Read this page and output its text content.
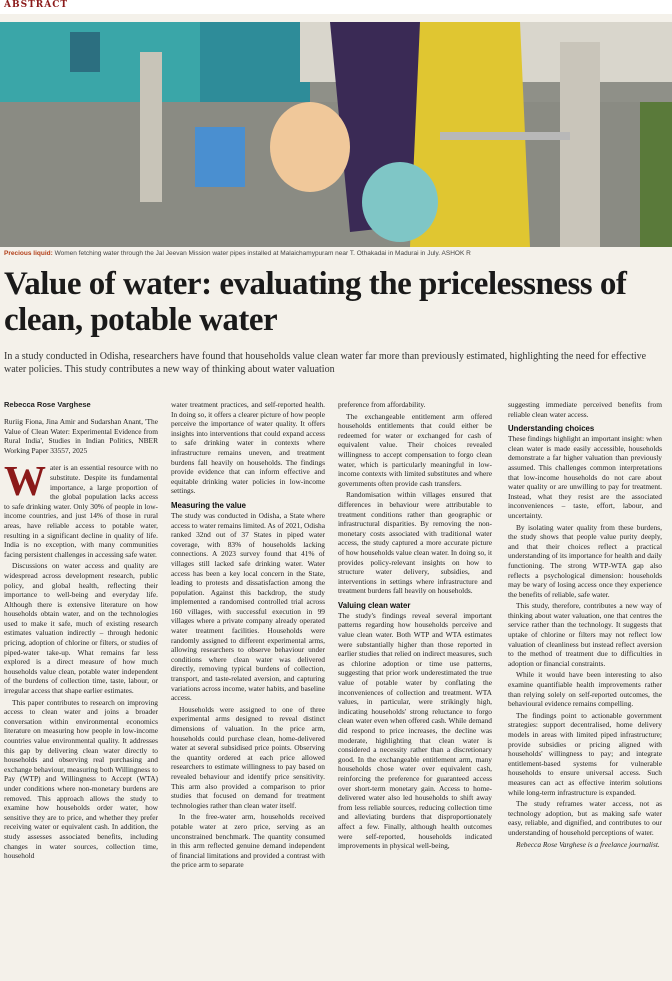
ABSTRACT
Precious liquid: Women fetching water through the Jal Jeevan Mission water pipes installed at Malaichamypuram near T. Othakadai in Madurai in July. ASHOK R
Value of water: evaluating the pricelessness of clean, potable water
In a study conducted in Odisha, researchers have found that households value clean water far more than previously estimated, highlighting the need for effective water policies. This study contributes a new way of thinking about water valuation

Rebecca Rose Varghese

Ruriig Fiona, Jina Amir and Sudarshan Anant, 'The Value of Clean Water: Experimental Evidence from Rural India', Studies in Indian Politics, NBER Working Paper 33557, 2025

Water is an essential resource with no substitute. Despite its fundamental importance, a large proportion of the global population lacks access to safe drinking water. Only 30% of people in low-income countries, and just 14% of those in rural areas, have reliable access to potable water, resulting in a significant decline in quality of life. India is no exception, with many communities facing persistent challenges in accessing safe water.

Discussions on water access and quality are widespread across development research, public policy, and global health, reflecting their importance to well-being and everyday life. Although there is extensive literature on how households obtain water, and on the technologies used to make it safe, much of existing research estimates valuation indirectly – through hedonic pricing, adoption of chlorine or filters, or studies of piped-water take-up. What remains far less explored is a direct measure of how much households value clean, potable water independent of the burdens of collection time, taste, labour, or irregular access that shape earlier estimates.

This paper contributes to research on improving access to clean water and joins a broader conversation within environmental economics literature on measuring how people in low-income countries value environmental quality. It addresses this gap by delivering clean water directly to households and observing real purchasing and exchange behaviour, measuring both Willingness to Pay (WTP) and Willingness to Accept (WTA) under conditions where non-monetary burdens are removed. This approach allows the study to examine how households order water, how sensitive they are to price, and whether they prefer receiving water or equivalent cash. In addition, the study assesses associated benefits, including changes in water sources, collection time, household

water treatment practices, and self-reported health. In doing so, it offers a clearer picture of how people perceive the importance of water quality. It offers insights into interventions that could expand access to safe drinking water in contexts where infrastructure remains uneven, and treatment burdens fall heavily on households. The findings provide evidence that can inform effective and equitable drinking water policies in low-income settings.

Measuring the value

The study was conducted in Odisha, a State where access to water remains limited. As of 2021, Odisha ranked 32nd out of 37 States in piped water coverage, with 83% of households lacking connections. A 2023 survey found that 41% of villages still lacked safe drinking water. Water access has been a key local concern in the State, leading to protests and dissatisfaction among the population. Against this backdrop, the study implemented a randomised controlled trial across 160 villages, with successful execution in 99 villages where a private company already operated water treatment facilities. Households were randomly assigned to different experimental arms, allowing researchers to observe behaviour under conditions where clean water was delivered directly, removing typical burdens of collection, transport, and taste-related aversion, and capturing variations across income, water habits, and baseline access.

Households were assigned to one of three experimental arms designed to reveal distinct dimensions of valuation. In the price arm, households could purchase clean, home-delivered water at several subsidised price points. Observing the quantity ordered at each price allowed researchers to estimate willingness to pay based on revealed behaviour and identify price sensitivity. This arm also provided a comparison to prior studies that focused on demand for treatment technologies rather than clean water itself.

In the free-water arm, households received potable water at zero price, serving as an unconstrained benchmark. The quantity consumed in this arm reflected genuine demand independent of financial limitations and provided a contrast with the price arm to separate

preference from affordability.

The exchangeable entitlement arm offered households entitlements that could either be redeemed for water or exchanged for cash of equivalent value. Their choices revealed willingness to accept compensation to forgo clean water, which is particularly meaningful in low-income contexts with limited substitutes and where governments often provide cash transfers.

Randomisation within villages ensured that differences in behaviour were attributable to treatment conditions rather than geographic or infrastructural disparities. By removing the non-monetary costs associated with traditional water access, the study captured a more accurate picture of how households value clean water. In doing so, it provides policy-relevant insights on how to structure water delivery, subsidies, and interventions in settings where infrastructure and treatment burdens fall heavily on households.

Valuing clean water

The study's findings reveal several important patterns regarding how households perceive and value clean water. Both WTP and WTA estimates were substantially higher than those reported in earlier studies that relied on indirect measures, such as chlorine adoption or time use patterns, suggesting that prior work underestimated the true value of potable water by conflating the inconveniences of collection and treatment. WTA values, in particular, were strikingly high, indicating households' strong reluctance to forgo clean water even when offered cash. While demand did respond to price increases, the decline was moderate, highlighting that clean water is considered a necessity rather than a discretionary good. In the exchangeable entitlement arm, many households chose water over equivalent cash, reinforcing the preference for guaranteed access over short-term monetary gain. Access to home-delivered water also led households to shift away from less reliable sources, reducing collection time and alleviating burdens that disproportionately affect a few. Finally, although health outcomes were self-reported, households indicated improvements in physical well-being,

suggesting immediate perceived benefits from reliable clean water access.

Understanding choices

These findings highlight an important insight: when clean water is made easily accessible, households demonstrate a far higher valuation than previously assumed. This challenges common interpretations that low-income households do not care about water quality or are unwilling to pay for treatment. Instead, what they resist are the associated inconveniences – taste, effort, labour, and uncertainty.

By isolating water quality from these burdens, the study shows that people value purity deeply, and that their choices reflect a practical understanding of its importance for health and daily functioning. The strong WTP-WTA gap also reflects a psychological dimension: households may be wary of losing access once they experience the benefits of reliable, safe water.

This study, therefore, contributes a new way of thinking about water valuation, one that centres the service rather than the technology. It suggests that uptake of chlorine or filters may not reflect low valuation of cleanliness but instead reflect aversion to the method of treatment due to difficulties in adoption or financial constraints.

While it would have been interesting to also examine quantifiable health improvements rather than relying solely on self-reported outcomes, the behavioural evidence remains compelling.

The findings point to actionable government strategies: support decentralised, home delivery models in areas with limited piped infrastructure; provide subsidies or pricing aligned with households' willingness to pay; and integrate entitlement-based systems for vulnerable households to ensure universal access. Such measures can act as effective interim solutions while long-term infrastructure is expanded.

The study reframes water access, not as technology adoption, but as making safe water easy, reliable, and dignified, and contributes to our understanding of household perceptions of water.

Rebecca Rose Varghese is a freelance journalist.
